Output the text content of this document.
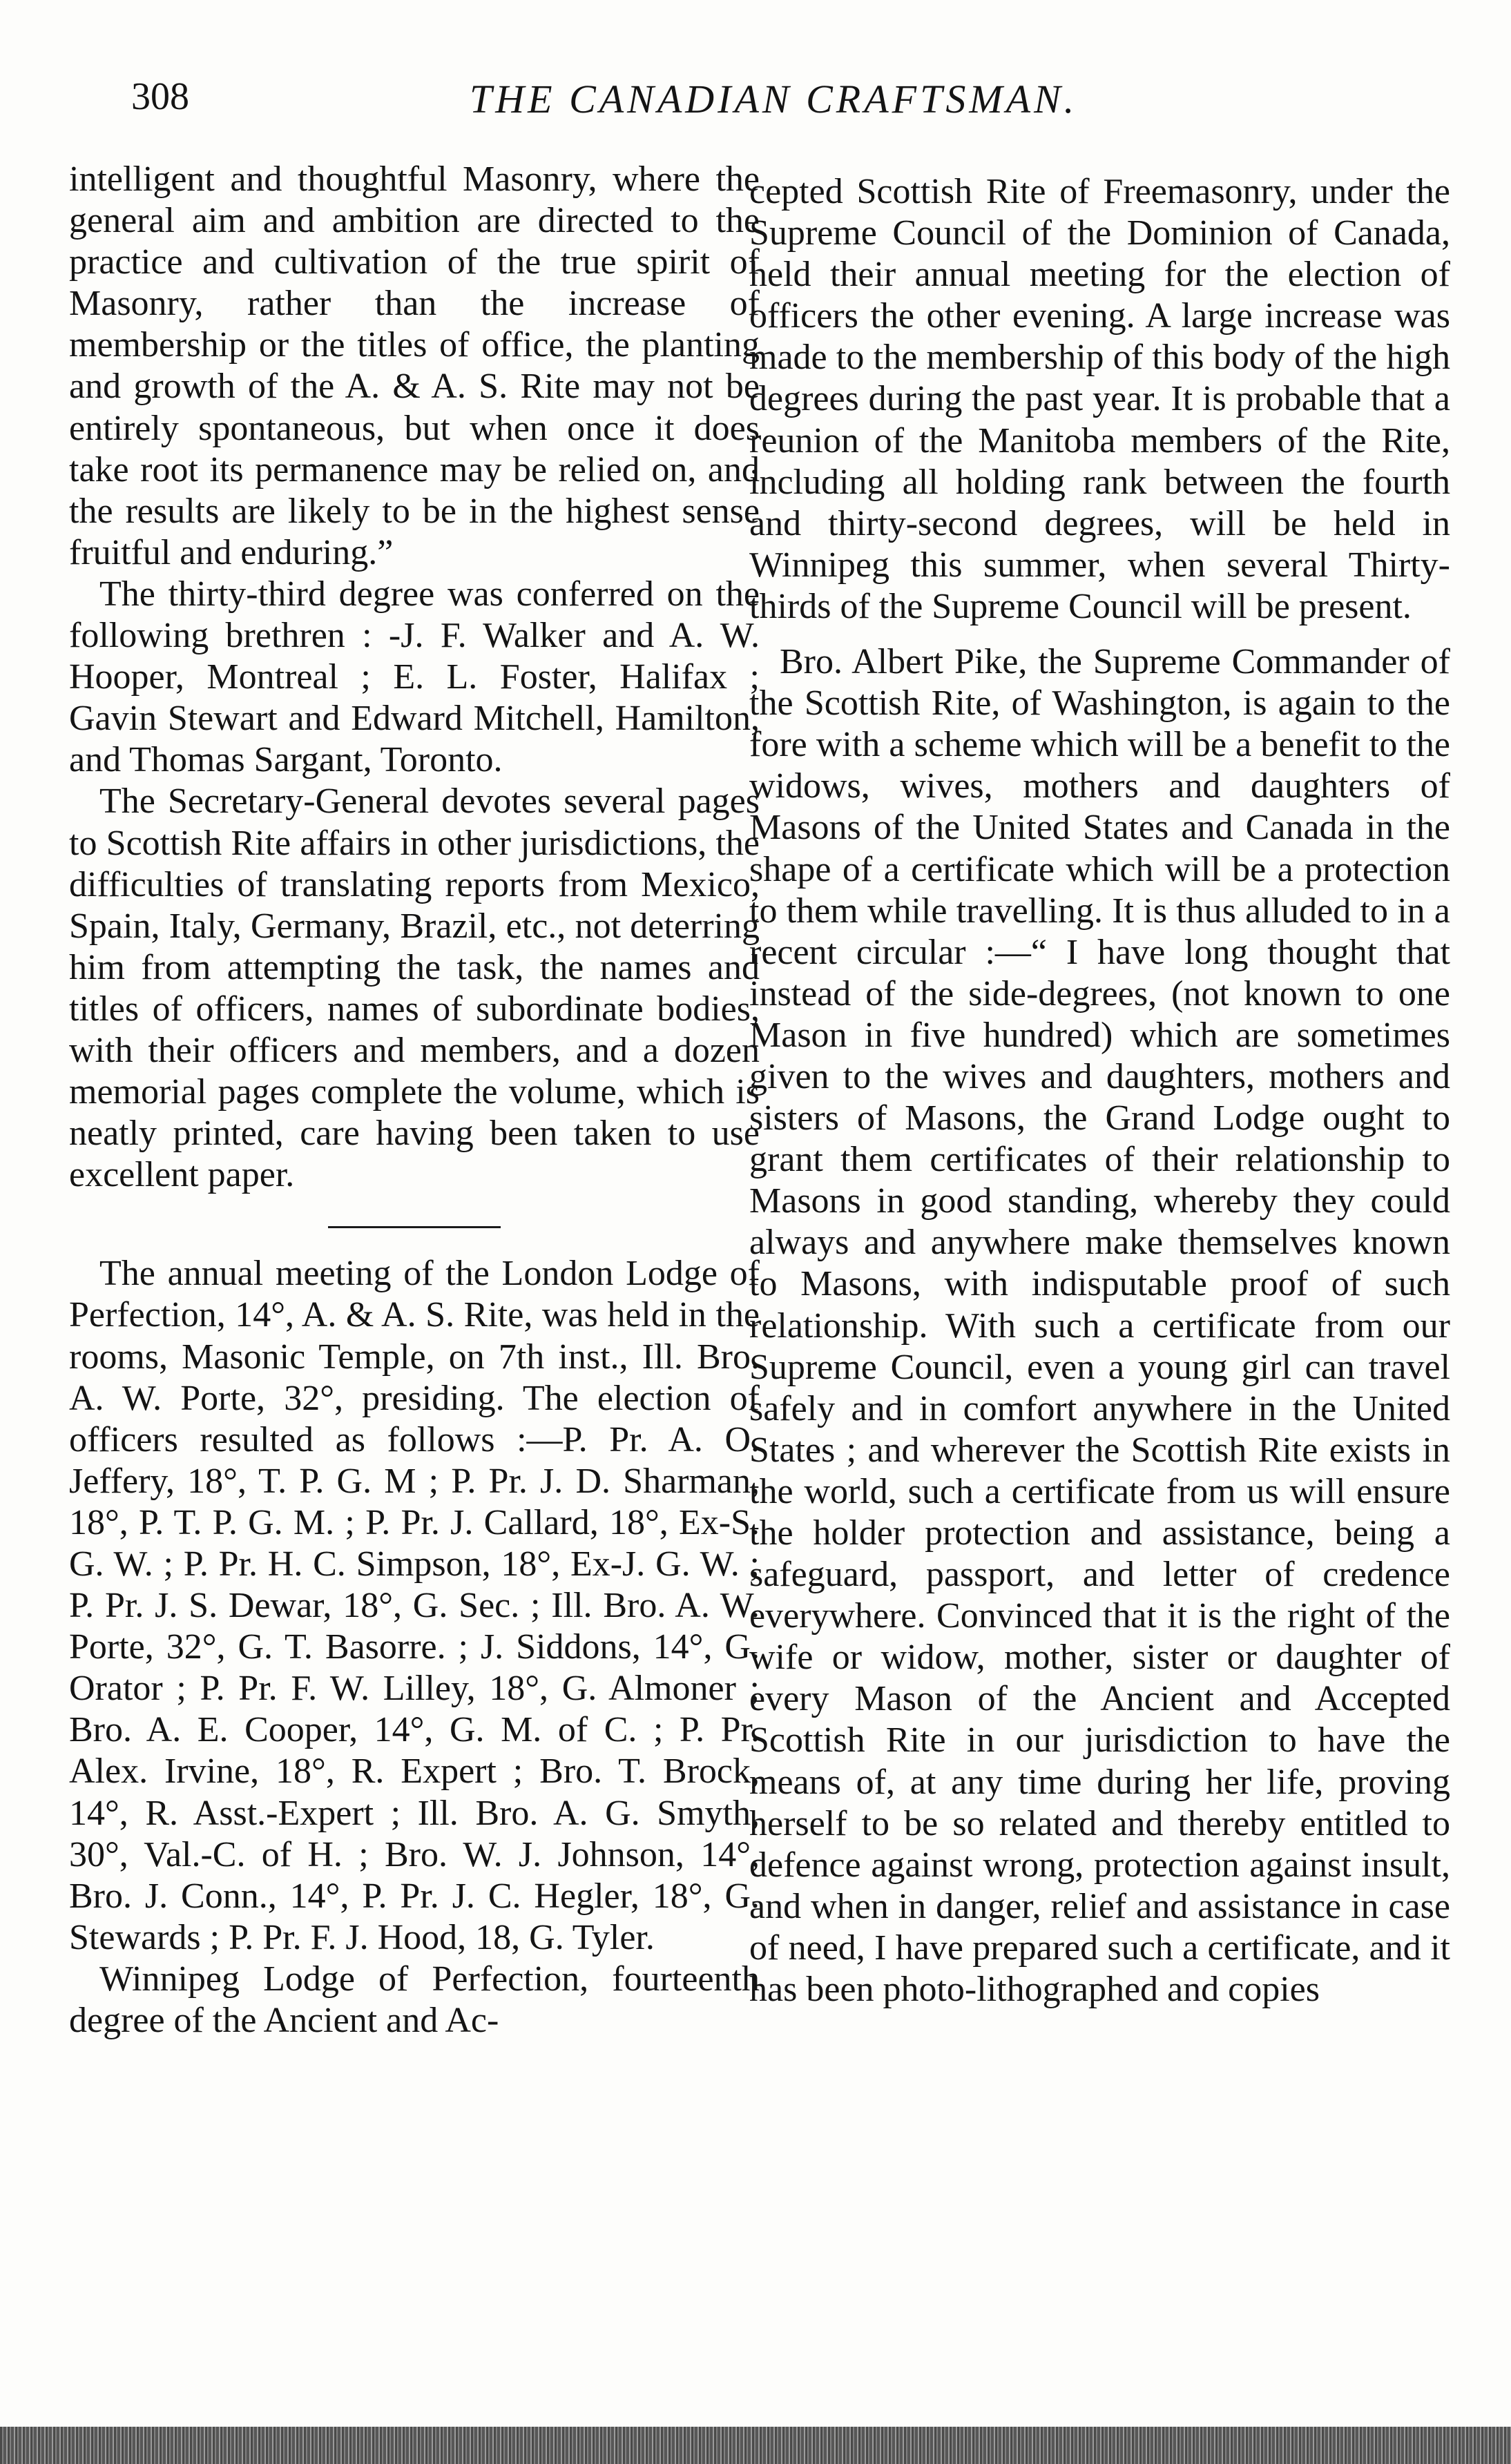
308	THE CANADIAN CRAFTSMAN.

intelligent and thoughtful Masonry, where the general aim and ambition are directed to the practice and cultivation of the true spirit of Masonry, rather than the increase of membership or the titles of office, the planting and growth of the A. & A. S. Rite may not be entirely spontaneous, but when once it does take root its permanence may be relied on, and the results are likely to be in the highest sense fruitful and enduring.”

The thirty-third degree was conferred on the following brethren : -J. F. Walker and A. W. Hooper, Montreal ; E. L. Foster, Halifax ; Gavin Stewart and Edward Mitchell, Hamilton, and Thomas Sargant, Toronto.

The Secretary-General devotes several pages to Scottish Rite affairs in other jurisdictions, the difficulties of translating reports from Mexico, Spain, Italy, Germany, Brazil, etc., not deterring him from attempting the task, the names and titles of officers, names of subordinate bodies, with their officers and members, and a dozen memorial pages complete the volume, which is neatly printed, care having been taken to use excellent paper.

The annual meeting of the London Lodge of Perfection, 14°, A. & A. S. Rite, was held in the rooms, Masonic Temple, on 7th inst., Ill. Bro. A. W. Porte, 32°, presiding. The election of officers resulted as follows :—P. Pr. A. O. Jeffery, 18°, T. P. G. M ; P. Pr. J. D. Sharman, 18°, P. T. P. G. M. ; P. Pr. J. Callard, 18°, Ex-S. G. W. ; P. Pr. H. C. Simpson, 18°, Ex-J. G. W. ; P. Pr. J. S. Dewar, 18°, G. Sec. ; Ill. Bro. A. W. Porte, 32°, G. T. Basorre. ; J. Siddons, 14°, G. Orator ; P. Pr. F. W. Lilley, 18°, G. Almoner ; Bro. A. E. Cooper, 14°, G. M. of C. ; P. Pr. Alex. Irvine, 18°, R. Expert ; Bro. T. Brock, 14°, R. Asst.-Expert ; Ill. Bro. A. G. Smyth, 30°, Val.-C. of H. ; Bro. W. J. Johnson, 14°, Bro. J. Conn., 14°, P. Pr. J. C. Hegler, 18°, G. Stewards ; P. Pr. F. J. Hood, 18, G. Tyler.

Winnipeg Lodge of Perfection, fourteenth degree of the Ancient and Ac-

cepted Scottish Rite of Freemasonry, under the Supreme Council of the Dominion of Canada, held their annual meeting for the election of officers the other evening. A large increase was made to the membership of this body of the high degrees during the past year. It is probable that a reunion of the Manitoba members of the Rite, including all holding rank between the fourth and thirty-second degrees, will be held in Winnipeg this summer, when several Thirty-thirds of the Supreme Council will be present.

Bro. Albert Pike, the Supreme Commander of the Scottish Rite, of Washington, is again to the fore with a scheme which will be a benefit to the widows, wives, mothers and daughters of Masons of the United States and Canada in the shape of a certificate which will be a protection to them while travelling. It is thus alluded to in a recent circular :—“ I have long thought that instead of the side-degrees, (not known to one Mason in five hundred) which are sometimes given to the wives and daughters, mothers and sisters of Masons, the Grand Lodge ought to grant them certificates of their relationship to Masons in good standing, whereby they could always and anywhere make themselves known to Masons, with indisputable proof of such relationship. With such a certificate from our Supreme Council, even a young girl can travel safely and in comfort anywhere in the United States ; and wherever the Scottish Rite exists in the world, such a certificate from us will ensure the holder protection and assistance, being a safeguard, passport, and letter of credence everywhere. Convinced that it is the right of the wife or widow, mother, sister or daughter of every Mason of the Ancient and Accepted Scottish Rite in our jurisdiction to have the means of, at any time during her life, proving herself to be so related and thereby entitled to defence against wrong, protection against insult, and when in danger, relief and assistance in case of need, I have prepared such a certificate, and it has been photo-lithographed and copies
